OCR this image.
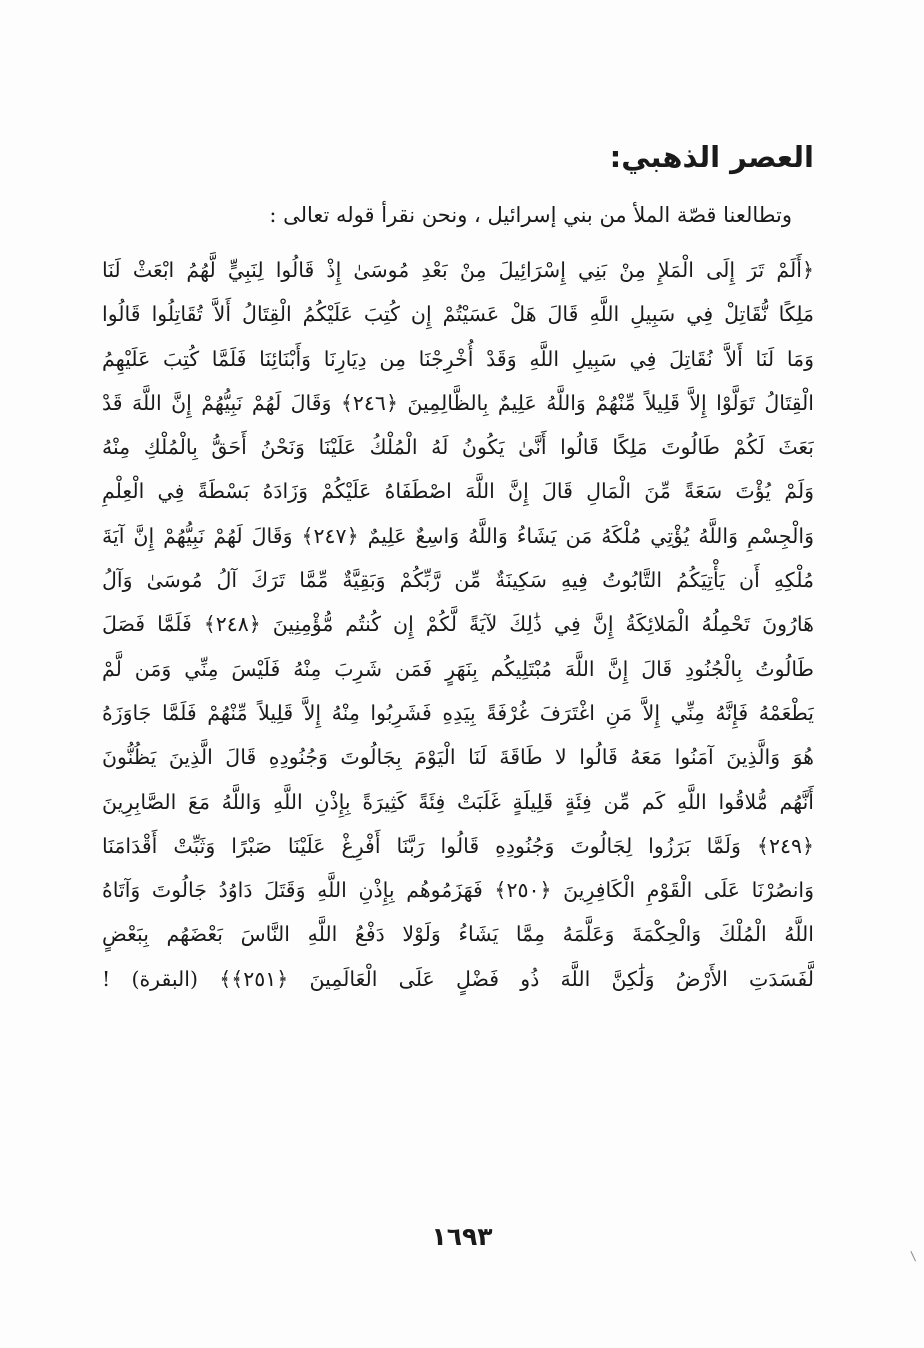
العصر الذهبي:
وتطالعنا قصّة الملأ من بني إسرائيل ، ونحن نقرأ قوله تعالى :
﴿أَلَمْ تَرَ إِلَى الْمَلإِ مِنْ بَنِي إِسْرَائِيلَ مِنْ بَعْدِ مُوسَىٰ إِذْ قَالُوا لِنَبِيٍّ لَّهُمُ ابْعَثْ لَنَا
مَلِكًا نُّقَاتِلْ فِي سَبِيلِ اللَّهِ قَالَ هَلْ عَسَيْتُمْ إِن كُتِبَ عَلَيْكُمُ الْقِتَالُ أَلاَّ تُقَاتِلُوا قَالُوا
وَمَا لَنَا أَلاَّ نُقَاتِلَ فِي سَبِيلِ اللَّهِ وَقَدْ أُخْرِجْنَا مِن دِيَارِنَا وَأَبْنَائِنَا فَلَمَّا كُتِبَ عَلَيْهِمُ
الْقِتَالُ تَوَلَّوْا إِلاَّ قَلِيلاً مِّنْهُمْ وَاللَّهُ عَلِيمٌ بِالظَّالِمِينَ ﴿٢٤٦﴾ وَقَالَ لَهُمْ نَبِيُّهُمْ إِنَّ اللَّهَ قَدْ
بَعَثَ لَكُمْ طَالُوتَ مَلِكًا قَالُوا أَنَّىٰ يَكُونُ لَهُ الْمُلْكُ عَلَيْنَا وَنَحْنُ أَحَقُّ بِالْمُلْكِ مِنْهُ
وَلَمْ يُؤْتَ سَعَةً مِّنَ الْمَالِ قَالَ إِنَّ اللَّهَ اصْطَفَاهُ عَلَيْكُمْ وَزَادَهُ بَسْطَةً فِي الْعِلْمِ
وَالْجِسْمِ وَاللَّهُ يُؤْتِي مُلْكَهُ مَن يَشَاءُ وَاللَّهُ وَاسِعٌ عَلِيمٌ ﴿٢٤٧﴾ وَقَالَ لَهُمْ نَبِيُّهُمْ إِنَّ آيَةَ
مُلْكِهِ أَن يَأْتِيَكُمُ التَّابُوتُ فِيهِ سَكِينَةٌ مِّن رَّبِّكُمْ وَبَقِيَّةٌ مِّمَّا تَرَكَ آلُ مُوسَىٰ وَآلُ
هَارُونَ تَحْمِلُهُ الْمَلائِكَةُ إِنَّ فِي ذَٰلِكَ لآيَةً لَّكُمْ إِن كُنتُم مُّؤْمِنِينَ ﴿٢٤٨﴾ فَلَمَّا فَصَلَ
طَالُوتُ بِالْجُنُودِ قَالَ إِنَّ اللَّهَ مُبْتَلِيكُم بِنَهَرٍ فَمَن شَرِبَ مِنْهُ فَلَيْسَ مِنِّي وَمَن لَّمْ
يَطْعَمْهُ فَإِنَّهُ مِنِّي إِلاَّ مَنِ اغْتَرَفَ غُرْفَةً بِيَدِهِ فَشَرِبُوا مِنْهُ إِلاَّ قَلِيلاً مِّنْهُمْ فَلَمَّا جَاوَزَهُ
هُوَ وَالَّذِينَ آمَنُوا مَعَهُ قَالُوا لا طَاقَةَ لَنَا الْيَوْمَ بِجَالُوتَ وَجُنُودِهِ قَالَ الَّذِينَ يَظُنُّونَ
أَنَّهُم مُّلاقُوا اللَّهِ كَم مِّن فِئَةٍ قَلِيلَةٍ غَلَبَتْ فِئَةً كَثِيرَةً بِإِذْنِ اللَّهِ وَاللَّهُ مَعَ الصَّابِرِينَ
﴿٢٤٩﴾ وَلَمَّا بَرَزُوا لِجَالُوتَ وَجُنُودِهِ قَالُوا رَبَّنَا أَفْرِغْ عَلَيْنَا صَبْرًا وَثَبِّتْ أَقْدَامَنَا
وَانصُرْنَا عَلَى الْقَوْمِ الْكَافِرِينَ ﴿٢٥٠﴾ فَهَزَمُوهُم بِإِذْنِ اللَّهِ وَقَتَلَ دَاوُدُ جَالُوتَ وَآتَاهُ
اللَّهُ الْمُلْكَ وَالْحِكْمَةَ وَعَلَّمَهُ مِمَّا يَشَاءُ وَلَوْلا دَفْعُ اللَّهِ النَّاسَ بَعْضَهُم بِبَعْضٍ
لَّفَسَدَتِ الأَرْضُ وَلَٰكِنَّ اللَّهَ ذُو فَضْلٍ عَلَى الْعَالَمِينَ ﴿٢٥١﴾﴾ (البقرة) !
١٦٩٣
